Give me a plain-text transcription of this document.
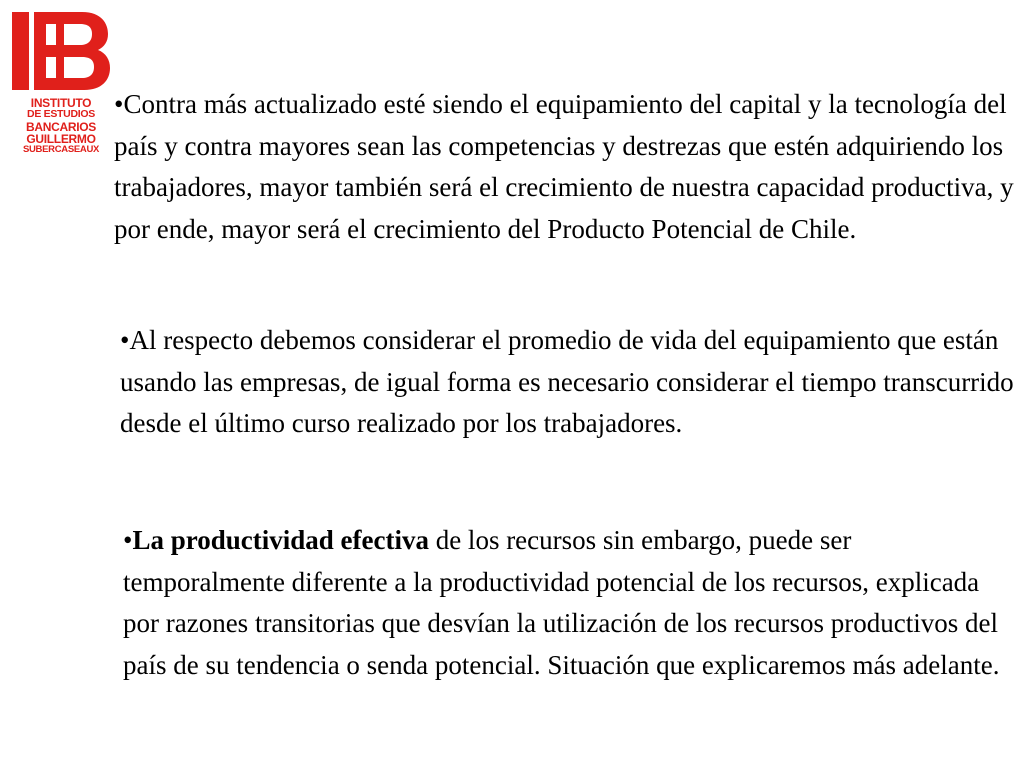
INSTITUTO
DE ESTUDIOS
BANCARIOS
GUILLERMO
SUBERCASEAUX

•Contra más actualizado esté siendo el equipamiento del capital y la tecnología del país y contra mayores sean las competencias y destrezas que estén adquiriendo los trabajadores, mayor también será el crecimiento de nuestra capacidad productiva, y por ende, mayor será el crecimiento del Producto Potencial de Chile.

•Al respecto debemos considerar el promedio de vida del equipamiento que están usando las empresas, de igual forma es necesario considerar el tiempo transcurrido desde el último curso realizado por los trabajadores.

•La productividad efectiva de los recursos sin embargo, puede ser temporalmente diferente a la productividad potencial de los recursos, explicada por razones transitorias que desvían la utilización de los recursos productivos del país de su tendencia o senda potencial. Situación que explicaremos más adelante.
